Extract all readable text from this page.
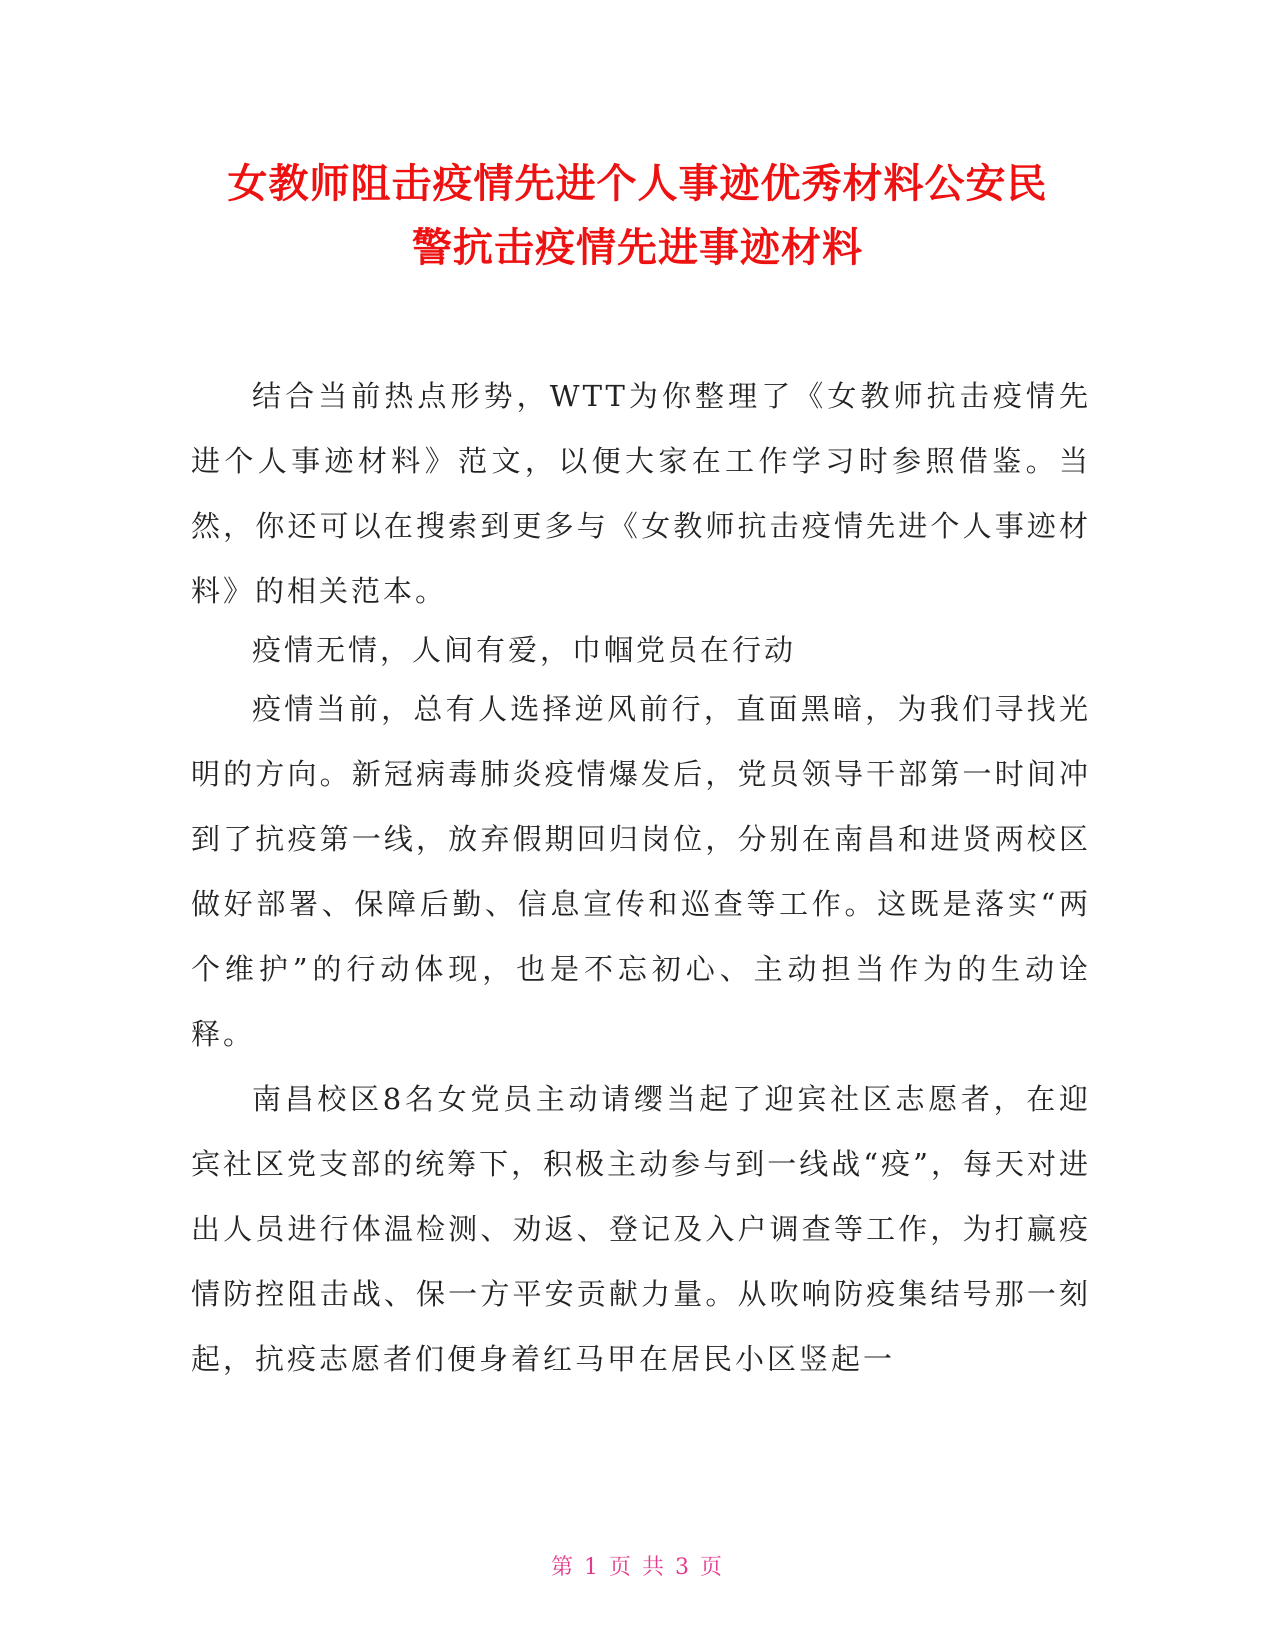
女教师阻击疫情先进个人事迹优秀材料公安民
警抗击疫情先进事迹材料

结合当前热点形势，WTT为你整理了《女教师抗击疫情先进个人事迹材料》范文，以便大家在工作学习时参照借鉴。当然，你还可以在搜索到更多与《女教师抗击疫情先进个人事迹材料》的相关范本。

疫情无情，人间有爱，巾帼党员在行动

疫情当前，总有人选择逆风前行，直面黑暗，为我们寻找光明的方向。新冠病毒肺炎疫情爆发后，党员领导干部第一时间冲到了抗疫第一线，放弃假期回归岗位，分别在南昌和进贤两校区做好部署、保障后勤、信息宣传和巡查等工作。这既是落实“两个维护”的行动体现，也是不忘初心、主动担当作为的生动诠释。

南昌校区8名女党员主动请缨当起了迎宾社区志愿者，在迎宾社区党支部的统筹下，积极主动参与到一线战“疫”，每天对进出人员进行体温检测、劝返、登记及入户调查等工作，为打赢疫情防控阻击战、保一方平安贡献力量。从吹响防疫集结号那一刻起，抗疫志愿者们便身着红马甲在居民小区竖起一

第 1 页 共 3 页
